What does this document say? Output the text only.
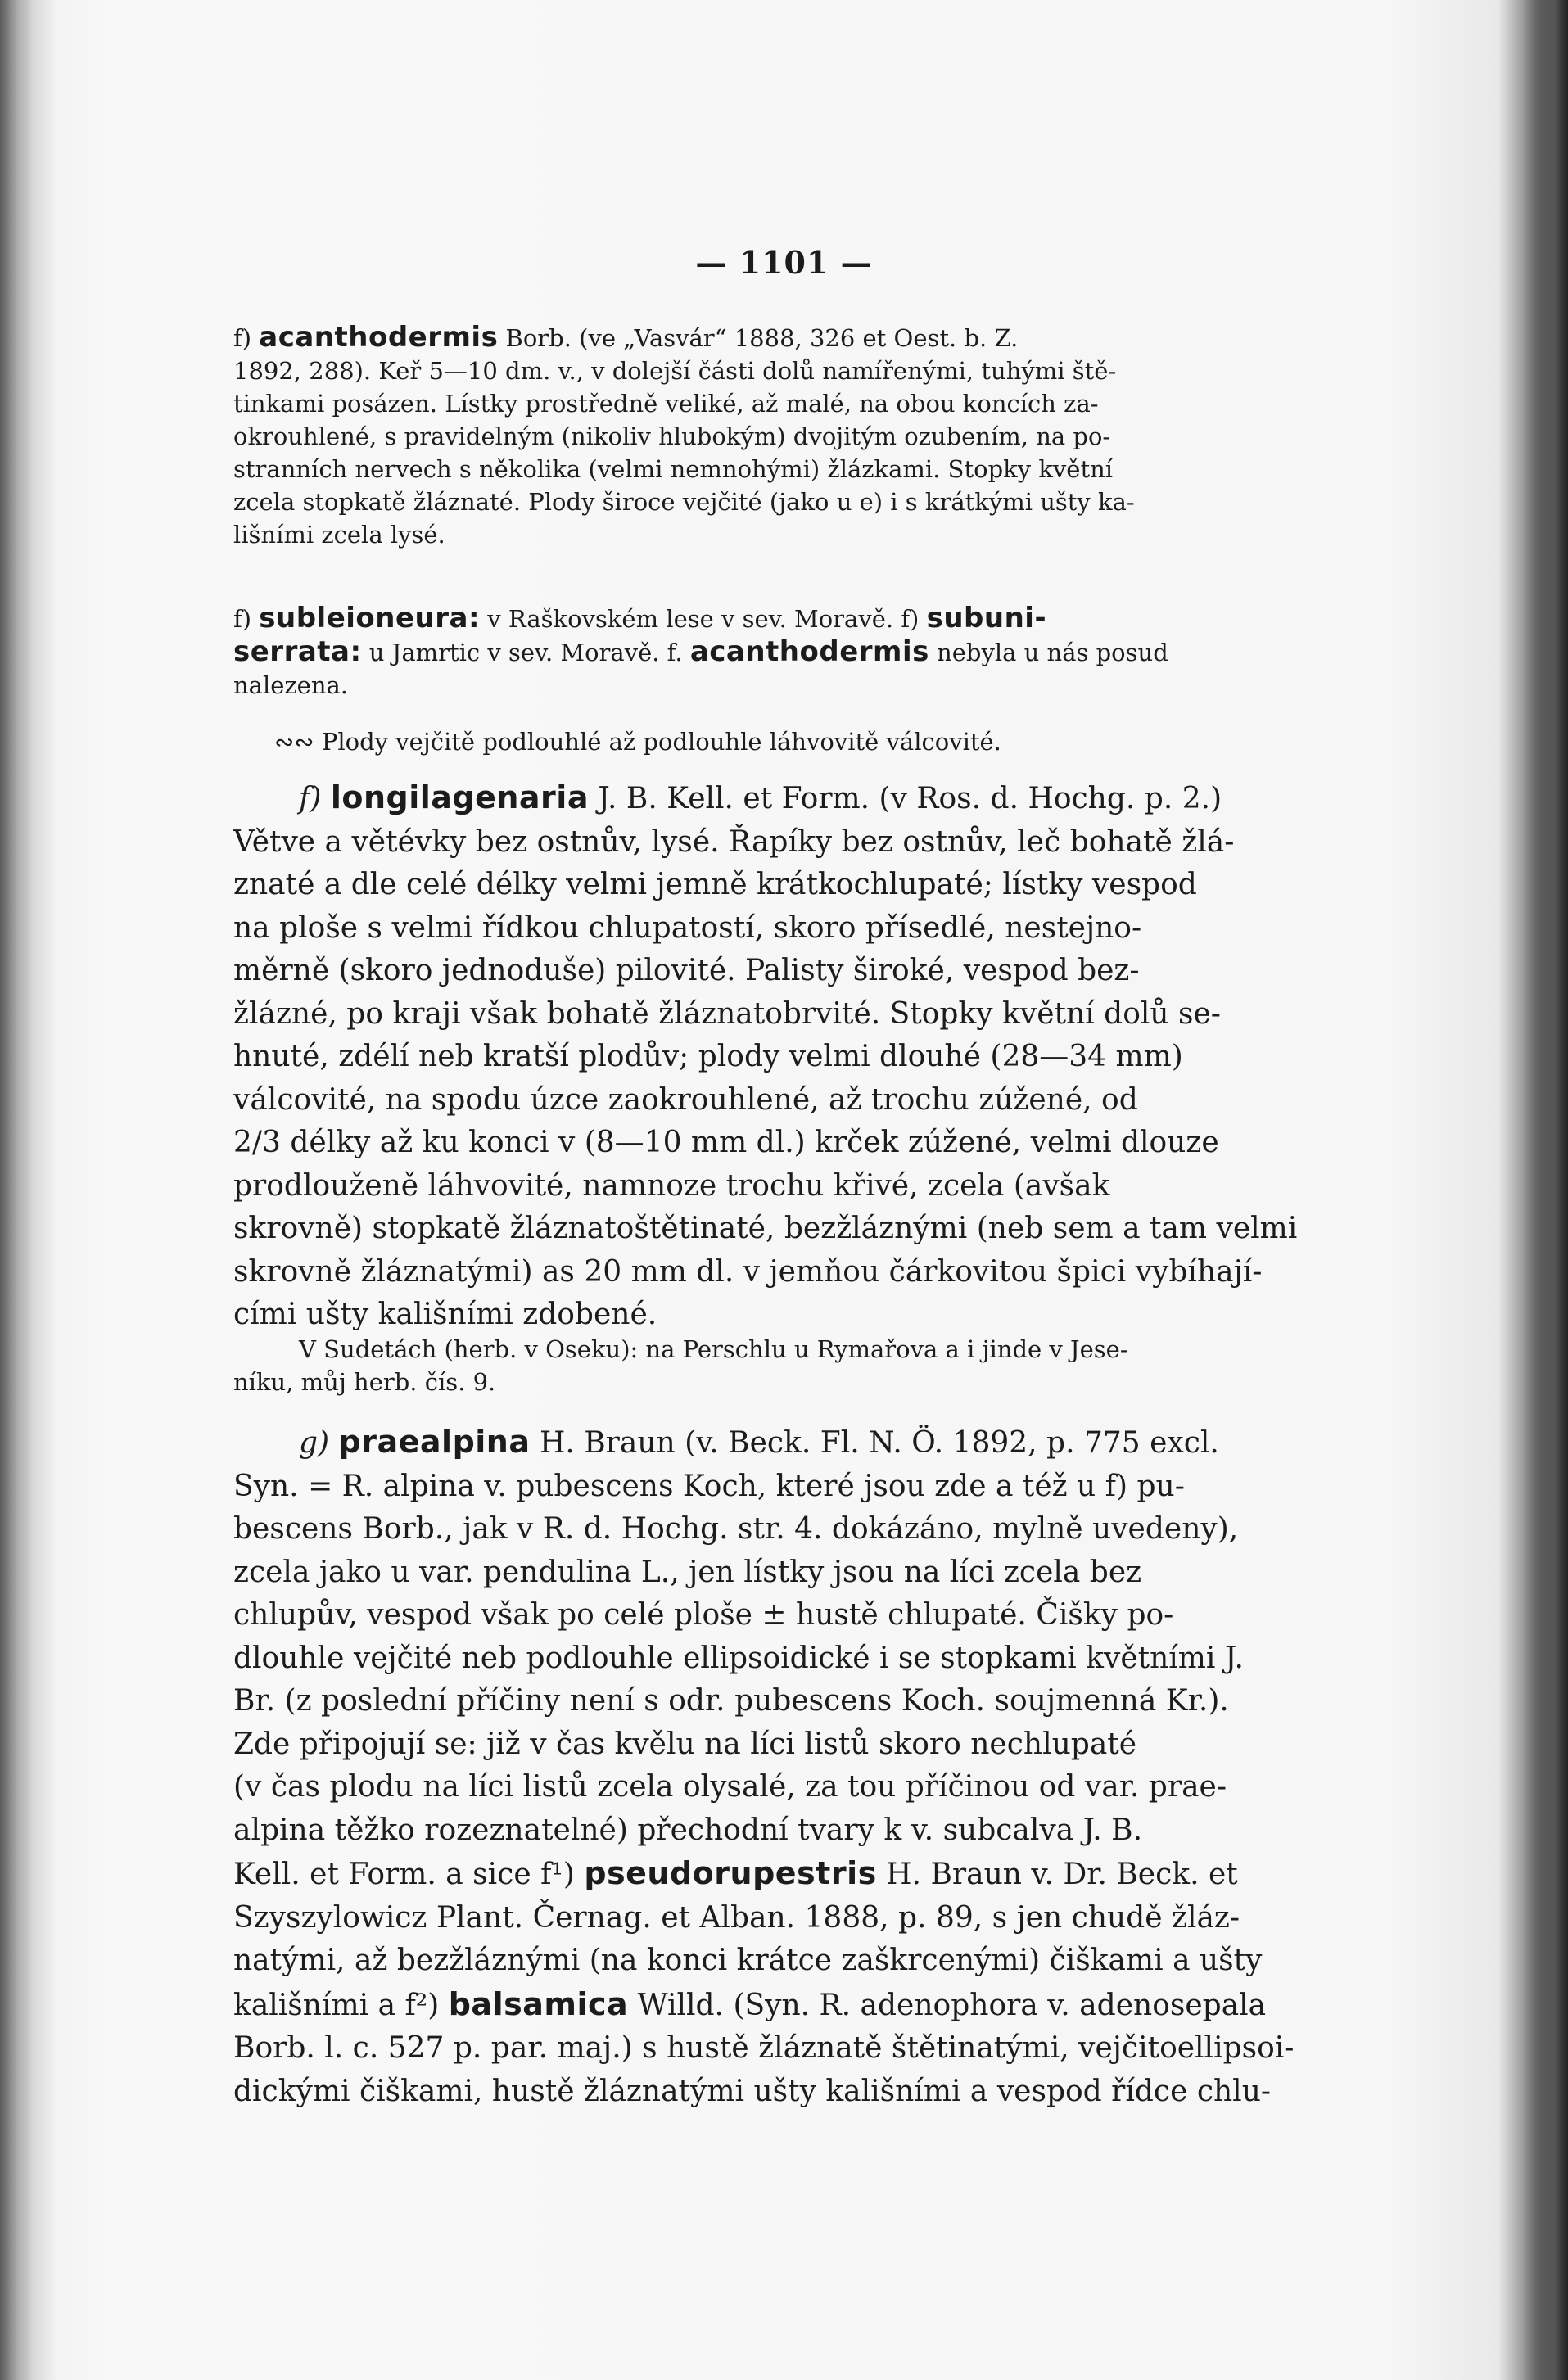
— 1101 —
f) acanthodermis Borb. (ve „Vasvár“ 1888, 326 et Oest. b. Z.
1892, 288). Keř 5—10 dm. v., v dolejší části dolů namířenými, tuhými ště-
tinkami posázen. Lístky prostředně veliké, až malé, na obou koncích za-
okrouhlené, s pravidelným (nikoliv hlubokým) dvojitým ozubením, na po-
stranních nervech s několika (velmi nemnohými) žlázkami. Stopky květní
zcela stopkatě žláznaté. Plody široce vejčité (jako u e) i s krátkými ušty ka-
lišními zcela lysé.
f) subleioneura: v Raškovském lese v sev. Moravě. f) subuni-
serrata: u Jamrtic v sev. Moravě. f. acanthodermis nebyla u nás posud
nalezena.
∾∾ Plody vejčitě podlouhlé až podlouhle láhvovitě válcovité.
f) longilagenaria J. B. Kell. et Form. (v Ros. d. Hochg. p. 2.)
Větve a větévky bez ostnův, lysé. Řapíky bez ostnův, leč bohatě žlá-
znaté a dle celé délky velmi jemně krátkochlupaté; lístky vespod
na ploše s velmi řídkou chlupatostí, skoro přísedlé, nestejno-
měrně (skoro jednoduše) pilovité. Palisty široké, vespod bez-
žlázné, po kraji však bohatě žláznatobrvité. Stopky květní dolů se-
hnuté, zdélí neb kratší plodův; plody velmi dlouhé (28—34 mm)
válcovité, na spodu úzce zaokrouhlené, až trochu zúžené, od
2/3 délky až ku konci v (8—10 mm dl.) krček zúžené, velmi dlouze
prodlouženě láhvovité, namnoze trochu křivé, zcela (avšak
skrovně) stopkatě žláznatoštětinaté, bezžláznými (neb sem a tam velmi
skrovně žláznatými) as 20 mm dl. v jemňou čárkovitou špici vybíhají-
cími ušty kališními zdobené.
V Sudetách (herb. v Oseku): na Perschlu u Rymařova a i jinde v Jese-
níku, můj herb. čís. 9.
g) praealpina H. Braun (v. Beck. Fl. N. Ö. 1892, p. 775 excl.
Syn. = R. alpina v. pubescens Koch, které jsou zde a též u f) pu-
bescens Borb., jak v R. d. Hochg. str. 4. dokázáno, mylně uvedeny),
zcela jako u var. pendulina L., jen lístky jsou na líci zcela bez
chlupův, vespod však po celé ploše ± hustě chlupaté. Čišky po-
dlouhle vejčité neb podlouhle ellipsoidické i se stopkami květními J.
Br. (z poslední příčiny není s odr. pubescens Koch. soujmenná Kr.).
Zde připojují se: již v čas kvělu na líci listů skoro nechlupaté
(v čas plodu na líci listů zcela olysalé, za tou příčinou od var. prae-
alpina těžko rozeznatelné) přechodní tvary k v. subcalva J. B.
Kell. et Form. a sice f¹) pseudorupestris H. Braun v. Dr. Beck. et
Szyszylowicz Plant. Černag. et Alban. 1888, p. 89, s jen chudě žláz-
natými, až bezžláznými (na konci krátce zaškrcenými) čiškami a ušty
kališními a f²) balsamica Willd. (Syn. R. adenophora v. adenosepala
Borb. l. c. 527 p. par. maj.) s hustě žláznatě štětinatými, vejčitoellipsoi-
dickými čiškami, hustě žláznatými ušty kališními a vespod řídce chlu-
